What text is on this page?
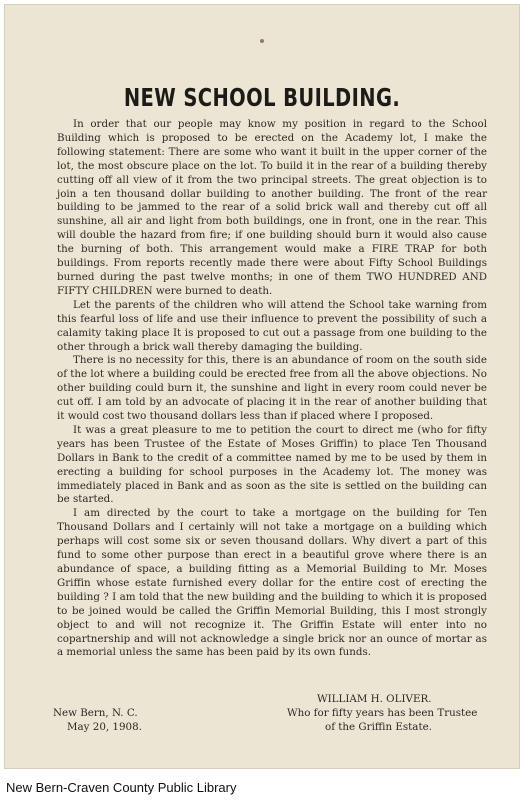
NEW SCHOOL BUILDING.

In order that our people may know my position in regard to the School Building which is proposed to be erected on the Academy lot, I make the following statement: There are some who want it built in the upper corner of the lot, the most obscure place on the lot. To build it in the rear of a building thereby cutting off all view of it from the two principal streets. The great objection is to join a ten thousand dollar building to another building. The front of the rear building to be jammed to the rear of a solid brick wall and thereby cut off all sunshine, all air and light from both buildings, one in front, one in the rear. This will double the hazard from fire; if one building should burn it would also cause the burning of both. This arrangement would make a FIRE TRAP for both buildings. From reports recently made there were about Fifty School Buildings burned during the past twelve months; in one of them TWO HUNDRED AND FIFTY CHILDREN were burned to death.

Let the parents of the children who will attend the School take warning from this fearful loss of life and use their influence to prevent the possibility of such a calamity taking place It is proposed to cut out a passage from one building to the other through a brick wall thereby damaging the building.

There is no necessity for this, there is an abundance of room on the south side of the lot where a building could be erected free from all the above objections. No other building could burn it, the sunshine and light in every room could never be cut off. I am told by an advocate of placing it in the rear of another building that it would cost two thousand dollars less than if placed where I proposed.

It was a great pleasure to me to petition the court to direct me (who for fifty years has been Trustee of the Estate of Moses Griffin) to place Ten Thousand Dollars in Bank to the credit of a committee named by me to be used by them in erecting a building for school purposes in the Academy lot. The money was immediately placed in Bank and as soon as the site is settled on the building can be started.

I am directed by the court to take a mortgage on the building for Ten Thousand Dollars and I certainly will not take a mortgage on a building which perhaps will cost some six or seven thousand dollars. Why divert a part of this fund to some other purpose than erect in a beautiful grove where there is an abundance of space, a building fitting as a Memorial Building to Mr. Moses Griffin whose estate furnished every dollar for the entire cost of erecting the building ? I am told that the new building and the building to which it is proposed to be joined would be called the Griffin Memorial Building, this I most strongly object to and will not recognize it. The Griffin Estate will enter into no copartnership and will not acknowledge a single brick nor an ounce of mortar as a memorial unless the same has been paid by its own funds.

WILLIAM H. OLIVER.
New Bern, N. C.
May 20, 1908.
Who for fifty years has been Trustee
of the Griffin Estate.
New Bern-Craven County Public Library
